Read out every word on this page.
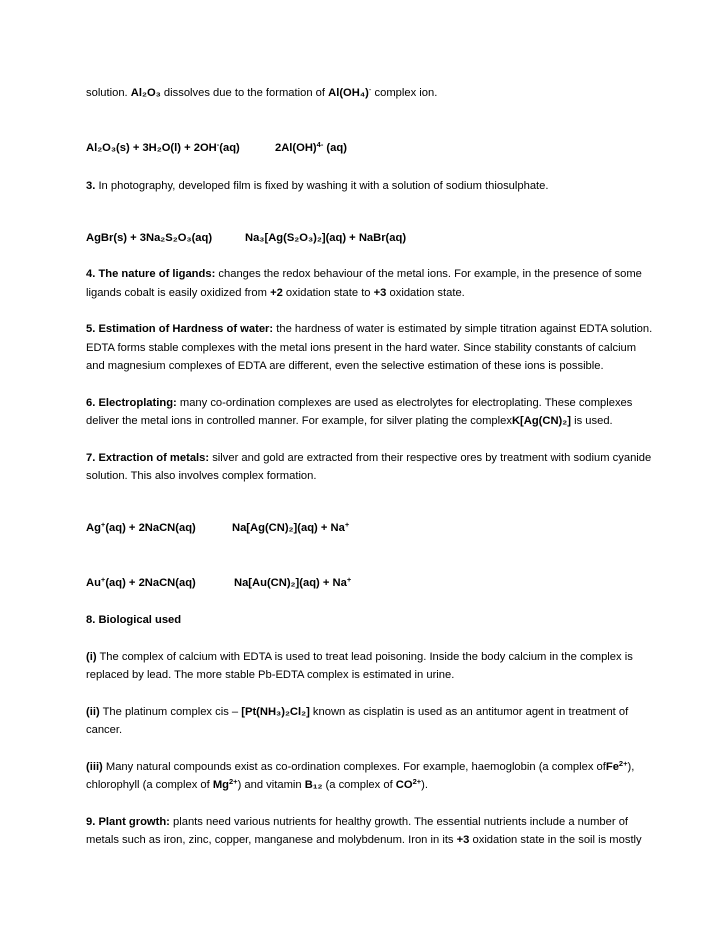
solution. Al₂O₃ dissolves due to the formation of Al(OH₄)- complex ion.
Al₂O₃(s) + 3H₂O(l) + 2OH-(aq)	2Al(OH)$^{4-}$ (aq)
3. In photography, developed film is fixed by washing it with a solution of sodium thiosulphate.
AgBr(s) + 3Na₂S₂O₃(aq)	Na₃[Ag(S₂O₃)₂](aq) + NaBr(aq)
4. The nature of ligands: changes the redox behaviour of the metal ions. For example, in the presence of some
ligands cobalt is easily oxidized from +2 oxidation state to +3 oxidation state.
5. Estimation of Hardness of water: the hardness of water is estimated by simple titration against EDTA solution.
EDTA forms stable complexes with the metal ions present in the hard water. Since stability constants of calcium
and magnesium complexes of EDTA are different, even the selective estimation of these ions is possible.
6. Electroplating: many co-ordination complexes are used as electrolytes for electroplating. These complexes
deliver the metal ions in controlled manner. For example, for silver plating the complexK[Ag(CN)₂] is used.
7. Extraction of metals: silver and gold are extracted from their respective ores by treatment with sodium cyanide
solution. This also involves complex formation.
Ag+(aq) + 2NaCN(aq)	Na[Ag(CN)₂](aq) + Na+
Au+(aq) + 2NaCN(aq)	Na[Au(CN)₂](aq) + Na+
8. Biological used
(i) The complex of calcium with EDTA is used to treat lead poisoning. Inside the body calcium in the complex is
replaced by lead. The more stable Pb-EDTA complex is estimated in urine.
(ii) The platinum complex cis – [Pt(NH₃)₂Cl₂] known as cisplatin is used as an antitumor agent in treatment of
cancer.
(iii) Many natural compounds exist as co-ordination complexes. For example, haemoglobin (a complex ofFe$^{2+}$),
chlorophyll (a complex of $Mg^{2+}$) and vitamin B₁₂ (a complex of $CO^{2+}$).
9. Plant growth: plants need various nutrients for healthy growth. The essential nutrients include a number of
metals such as iron, zinc, copper, manganese and molybdenum. Iron in its +3 oxidation state in the soil is mostly
